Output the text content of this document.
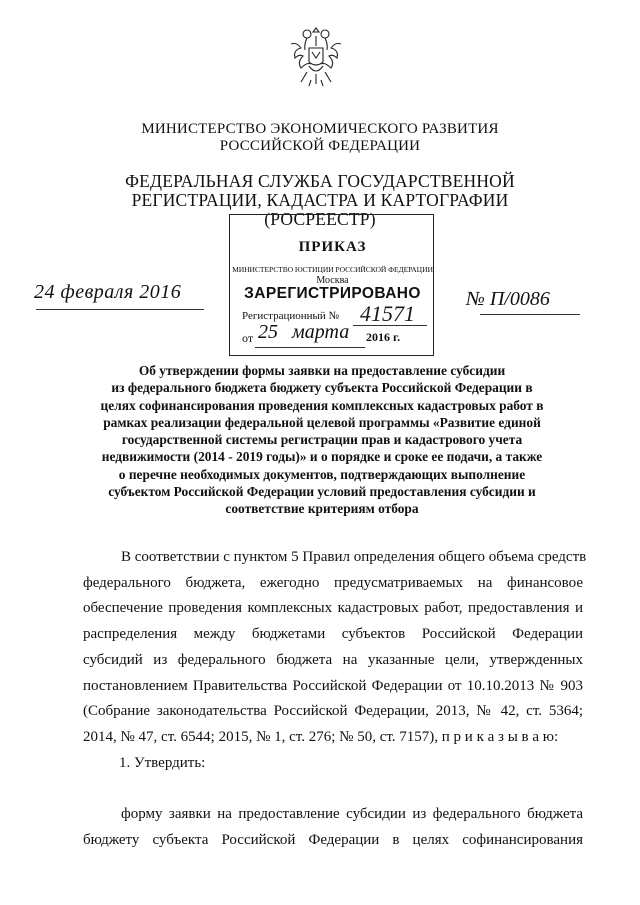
МИНИСТЕРСТВО ЭКОНОМИЧЕСКОГО РАЗВИТИЯ
РОССИЙСКОЙ ФЕДЕРАЦИИ
ФЕДЕРАЛЬНАЯ СЛУЖБА ГОСУДАРСТВЕННОЙ
РЕГИСТРАЦИИ, КАДАСТРА И КАРТОГРАФИИ
(РОСРЕЕСТР)
ПРИКАЗ
МИНИСТЕРСТВО ЮСТИЦИИ РОССИЙСКОЙ ФЕДЕРАЦИИ
Москва
ЗАРЕГИСТРИРОВАНО
Регистрационный № 41571
от 25 марта 2016 г.
24 февраля 2016	№ П/0086
Об утверждении формы заявки на предоставление субсидии
из федерального бюджета бюджету субъекта Российской Федерации в
целях софинансирования проведения комплексных кадастровых работ в
рамках реализации федеральной целевой программы «Развитие единой
государственной системы регистрации прав и кадастрового учета
недвижимости (2014 - 2019 годы)» и о порядке и сроке ее подачи, а также
о перечне необходимых документов, подтверждающих выполнение
субъектом Российской Федерации условий предоставления субсидии и
соответствие критериям отбора
В соответствии с пунктом 5 Правил определения общего объема средств
федерального бюджета, ежегодно предусматриваемых на финансовое
обеспечение проведения комплексных кадастровых работ, предоставления и
распределения между бюджетами субъектов Российской Федерации
субсидий из федерального бюджета на указанные цели, утвержденных
постановлением Правительства Российской Федерации от 10.10.2013 № 903
(Собрание законодательства Российской Федерации, 2013, № 42, ст. 5364;
2014, № 47, ст. 6544; 2015, № 1, ст. 276; № 50, ст. 7157), п р и к а з ы в а ю:
1. Утвердить:
форму заявки на предоставление субсидии из федерального бюджета
бюджету субъекта Российской Федерации в целях софинансирования
